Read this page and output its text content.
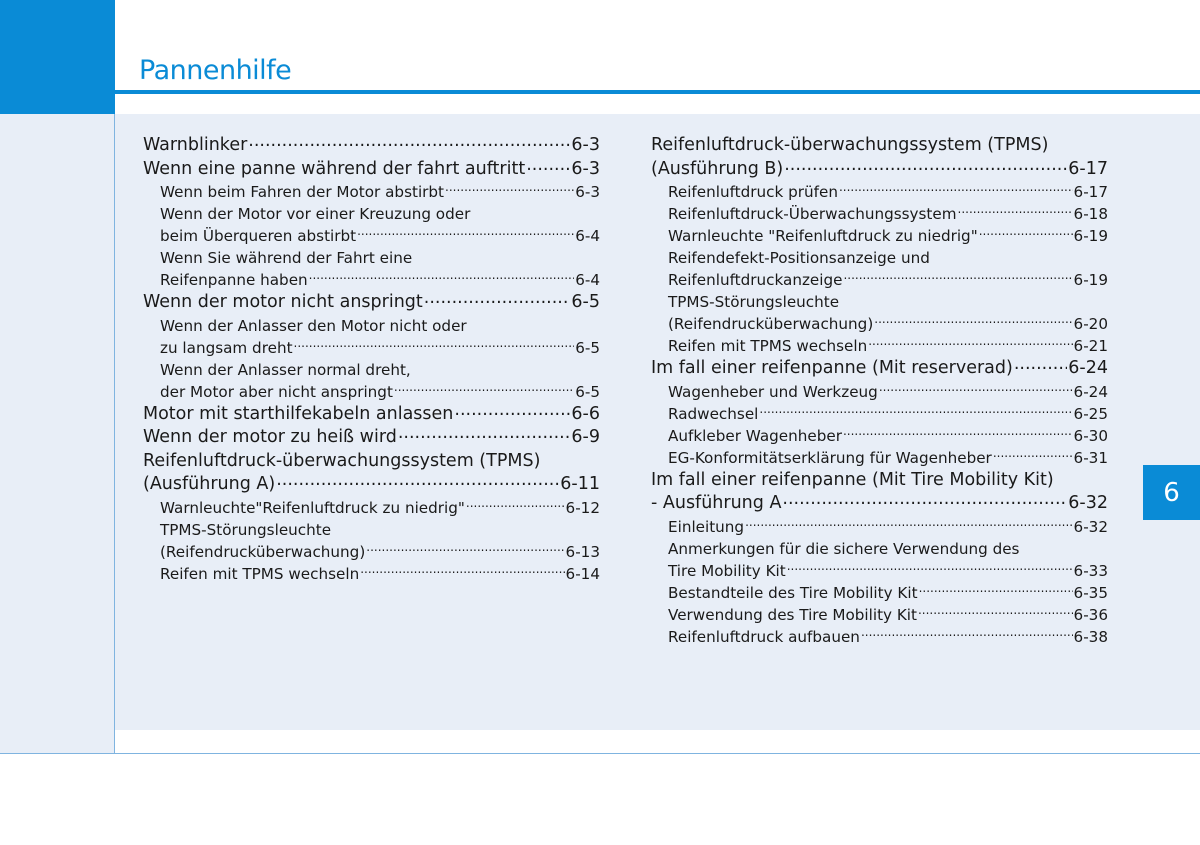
Pannenhilfe
6
Warnblinker .....	6-3
Wenn eine panne während der fahrt auftritt .....	6-3
Wenn beim Fahren der Motor abstirbt .....	6-3
Wenn der Motor vor einer Kreuzung oder
beim Überqueren abstirbt .....	6-4
Wenn Sie während der Fahrt eine
Reifenpanne haben .....	6-4
Wenn der motor nicht anspringt .....	6-5
Wenn der Anlasser den Motor nicht oder
zu langsam dreht .....	6-5
Wenn der Anlasser normal dreht,
der Motor aber nicht anspringt .....	6-5
Motor mit starthilfekabeln anlassen .....	6-6
Wenn der motor zu heiß wird .....	6-9
Reifenluftdruck-überwachungssystem (TPMS)
(Ausführung A) .....	6-11
Warnleuchte"Reifenluftdruck zu niedrig" .....	6-12
TPMS-Störungsleuchte
(Reifendrucküberwachung) .....	6-13
Reifen mit TPMS wechseln .....	6-14
Reifenluftdruck-überwachungssystem (TPMS)
(Ausführung B) .....	6-17
Reifenluftdruck prüfen .....	6-17
Reifenluftdruck-Überwachungssystem .....	6-18
Warnleuchte "Reifenluftdruck zu niedrig" .....	6-19
Reifendefekt-Positionsanzeige und
Reifenluftdruckanzeige .....	6-19
TPMS-Störungsleuchte
(Reifendrucküberwachung) .....	6-20
Reifen mit TPMS wechseln .....	6-21
Im fall einer reifenpanne (Mit reserverad) .....	6-24
Wagenheber und Werkzeug .....	6-24
Radwechsel .....	6-25
Aufkleber Wagenheber .....	6-30
EG-Konformitätserklärung für Wagenheber .....	6-31
Im fall einer reifenpanne (Mit Tire Mobility Kit)
- Ausführung A .....	6-32
Einleitung .....	6-32
Anmerkungen für die sichere Verwendung des
Tire Mobility Kit .....	6-33
Bestandteile des Tire Mobility Kit .....	6-35
Verwendung des Tire Mobility Kit .....	6-36
Reifenluftdruck aufbauen .....	6-38
